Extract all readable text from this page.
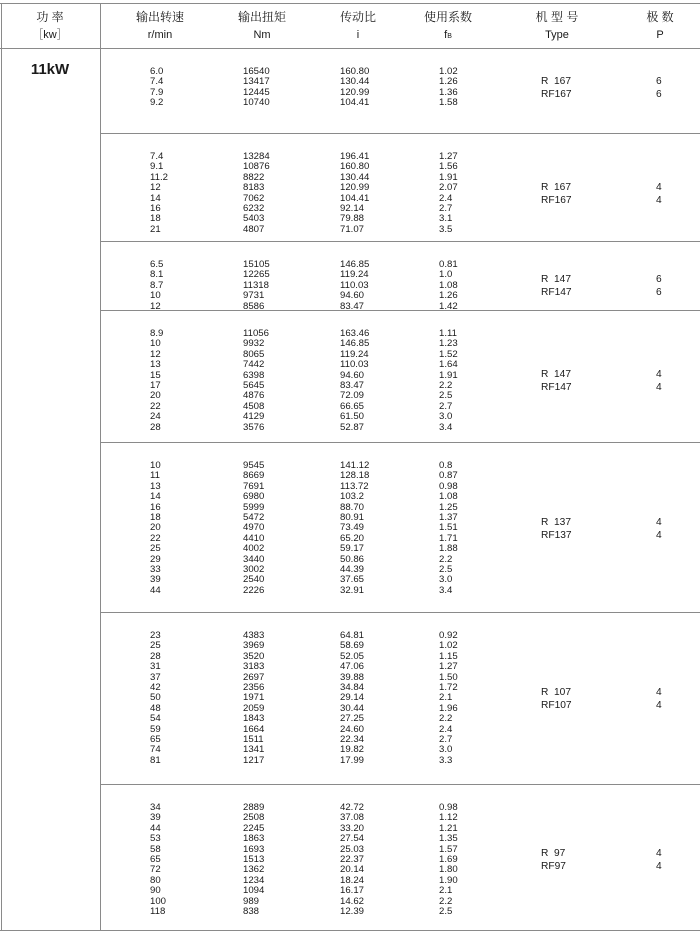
功 率
［kw］
输出转速
r/min
输出扭矩
Nm
传动比
i
使用系数
fB
机 型 号
Type
极 数
P
11kW	6.0
7.4
7.9
9.2
16540
13417
12445
10740
160.80
130.44
120.99
104.41
1.02
1.26
1.36
1.58
R  167
RF167
6
6
7.4
9.1
11.2
12
14
16
18
21
13284
10876
8822
8183
7062
6232
5403
4807
196.41
160.80
130.44
120.99
104.41
92.14
79.88
71.07
1.27
1.56
1.91
2.07
2.4
2.7
3.1
3.5
R  167
RF167
4
4
6.5
8.1
8.7
10
12
15105
12265
11318
9731
8586
146.85
119.24
110.03
94.60
83.47
0.81
1.0
1.08
1.26
1.42
R  147
RF147
6
6
8.9
10
12
13
15
17
20
22
24
28
11056
9932
8065
7442
6398
5645
4876
4508
4129
3576
163.46
146.85
119.24
110.03
94.60
83.47
72.09
66.65
61.50
52.87
1.11
1.23
1.52
1.64
1.91
2.2
2.5
2.7
3.0
3.4
R  147
RF147
4
4
10
11
13
14
16
18
20
22
25
29
33
39
44
9545
8669
7691
6980
5999
5472
4970
4410
4002
3440
3002
2540
2226
141.12
128.18
113.72
103.2
88.70
80.91
73.49
65.20
59.17
50.86
44.39
37.65
32.91
0.8
0.87
0.98
1.08
1.25
1.37
1.51
1.71
1.88
2.2
2.5
3.0
3.4
R  137
RF137
4
4
23
25
28
31
37
42
50
48
54
59
65
74
81
4383
3969
3520
3183
2697
2356
1971
2059
1843
1664
1511
1341
1217
64.81
58.69
52.05
47.06
39.88
34.84
29.14
30.44
27.25
24.60
22.34
19.82
17.99
0.92
1.02
1.15
1.27
1.50
1.72
2.1
1.96
2.2
2.4
2.7
3.0
3.3
R  107
RF107
4
4
34
39
44
53
58
65
72
80
90
100
118
2889
2508
2245
1863
1693
1513
1362
1234
1094
989
838
42.72
37.08
33.20
27.54
25.03
22.37
20.14
18.24
16.17
14.62
12.39
0.98
1.12
1.21
1.35
1.57
1.69
1.80
1.90
2.1
2.2
2.5
R  97
RF97
4
4
